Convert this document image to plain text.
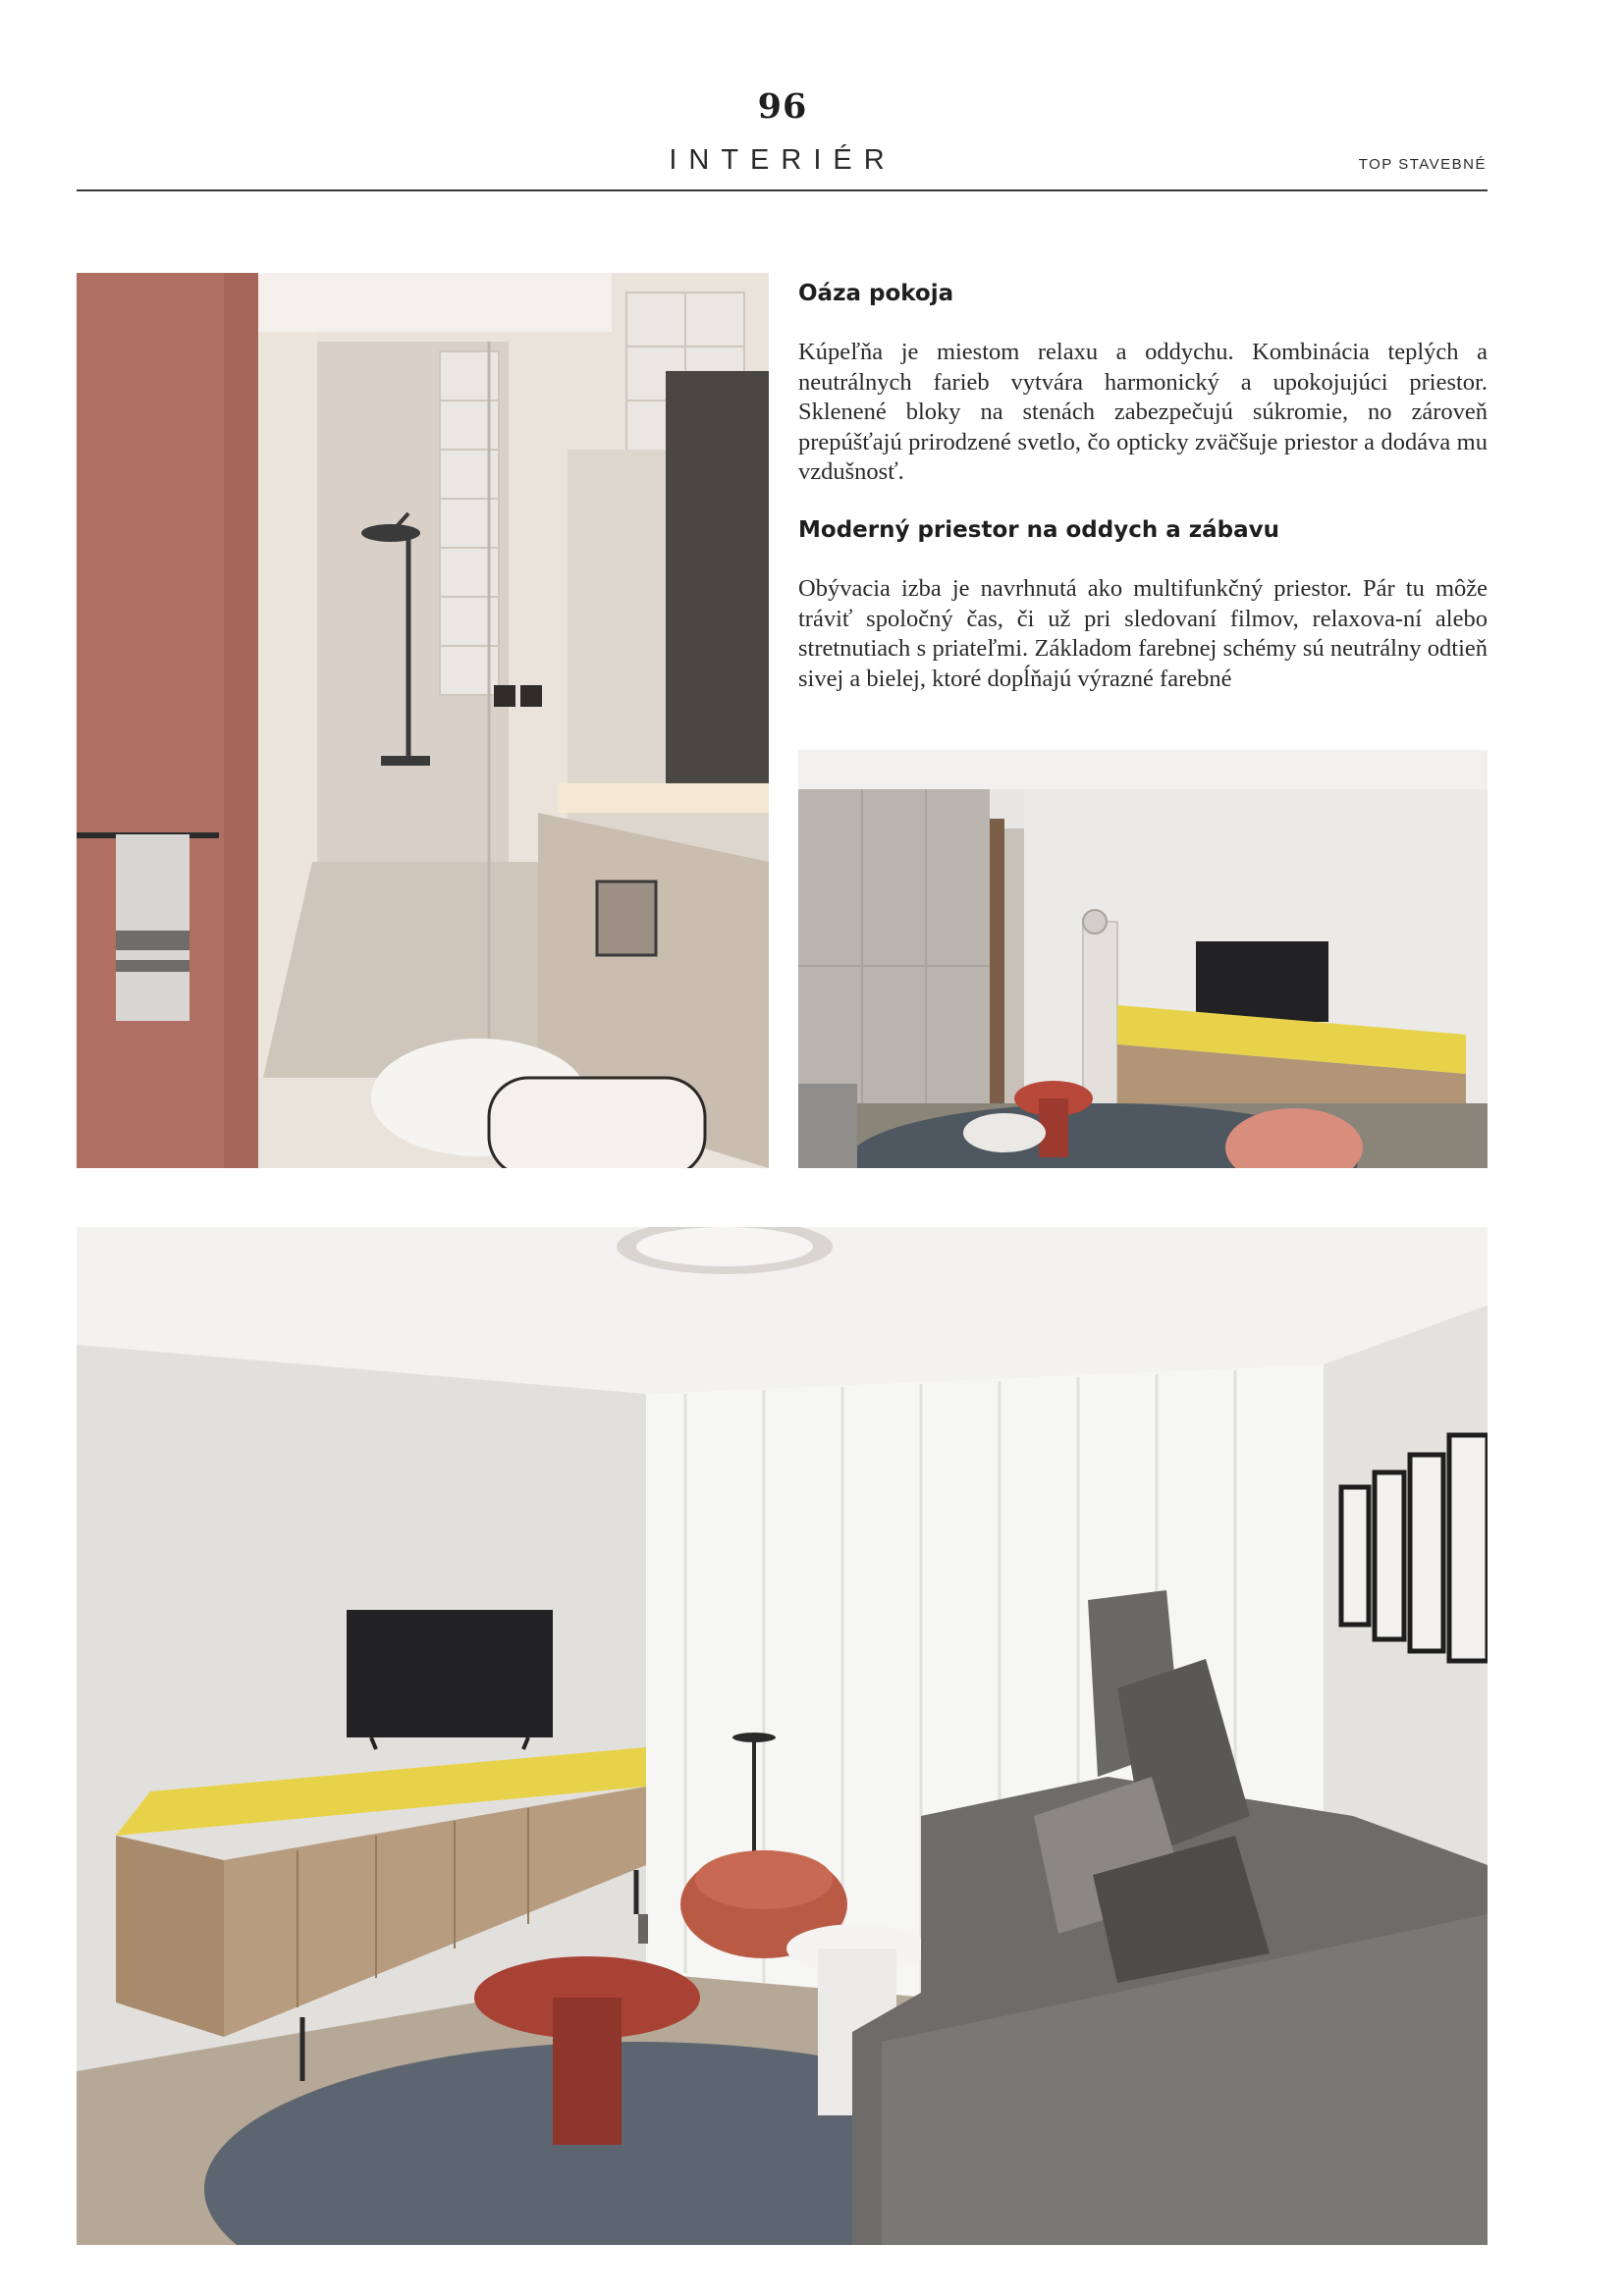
96
INTERIÉR	TOP STAVEBNÉ
Oáza pokoja
Kúpeľňa je miestom relaxu a oddychu. Kombinácia teplých a neutrálnych farieb vytvára harmonický a upokojujúci priestor. Sklenené bloky na stenách zabezpečujú súkromie, no zároveň prepúšťajú prirodzené svetlo, čo opticky zväčšuje priestor a dodáva mu vzdušnosť.
Moderný priestor na oddych a zábavu
Obývacia izba je navrhnutá ako multifunkčný priestor. Pár tu môže tráviť spoločný čas, či už pri sledovaní filmov, relaxova-ní alebo stretnutiach s priateľmi. Základom farebnej schémy sú neutrálny odtieň sivej a bielej, ktoré dopĺňajú výrazné farebné
